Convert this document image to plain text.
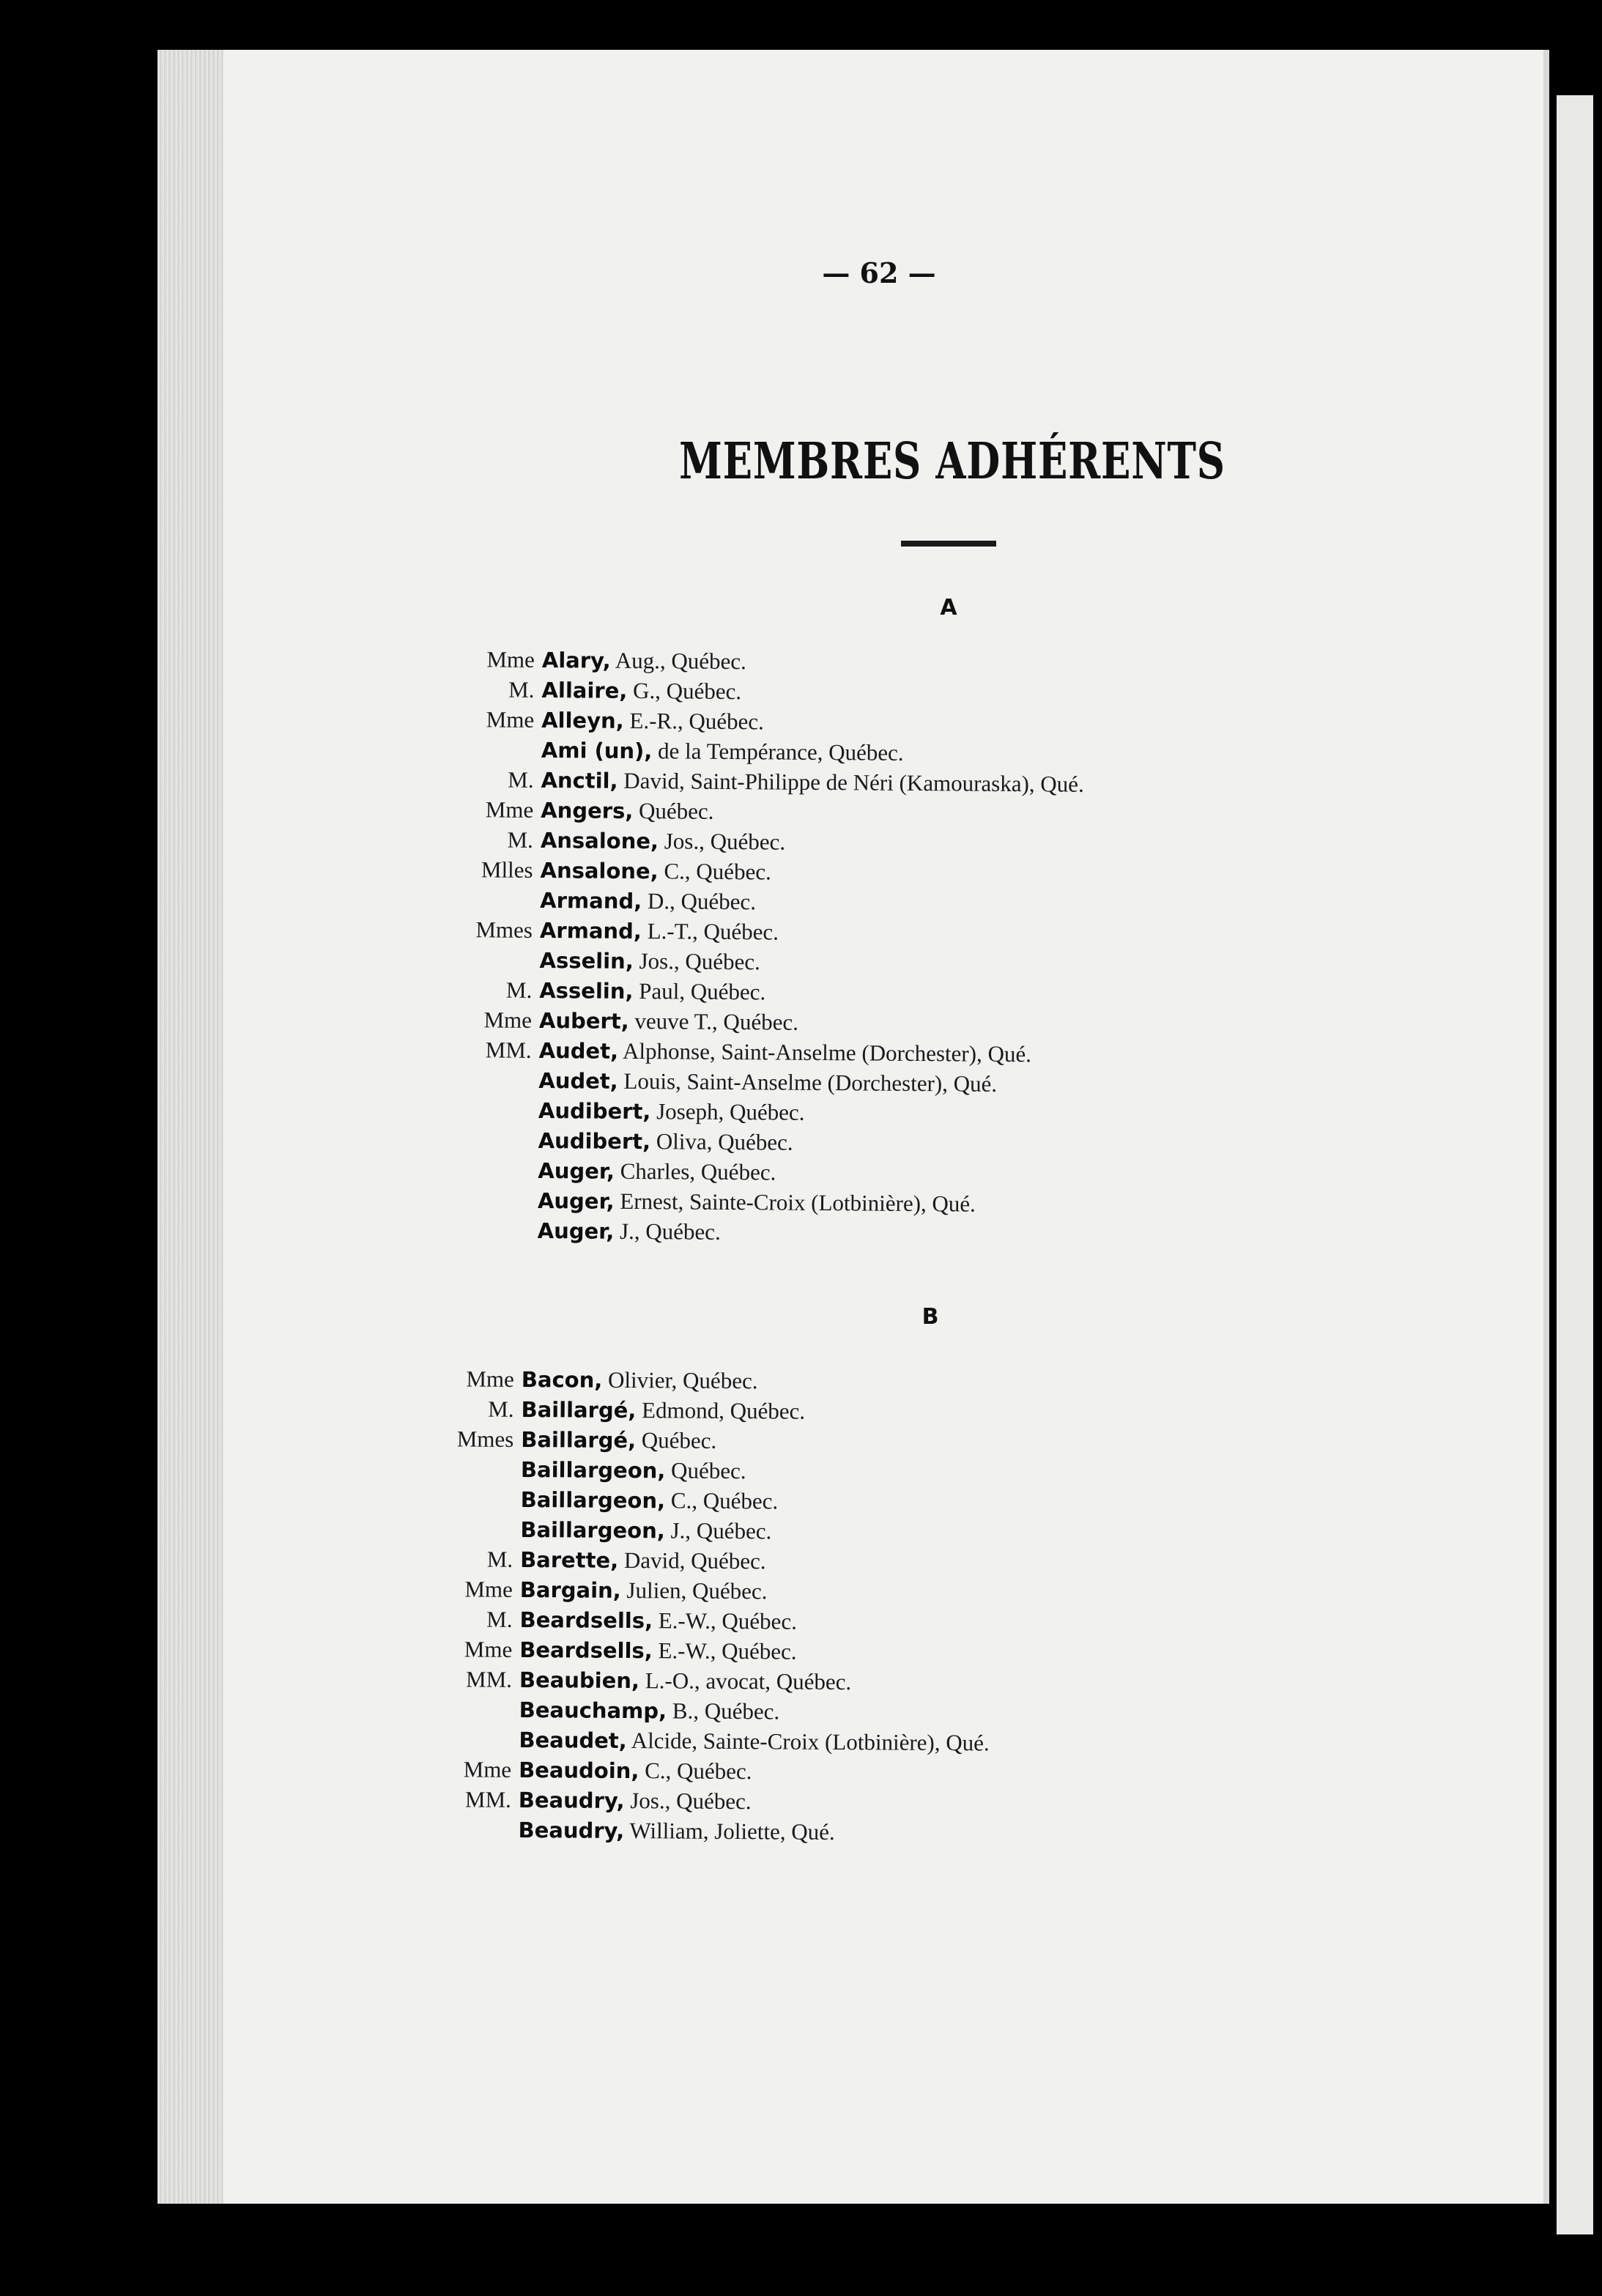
— 62 —
MEMBRES ADHÉRENTS
A
Mme Alary, Aug., Québec.
M. Allaire, G., Québec.
Mme Alleyn, E.-R., Québec.
Ami (un), de la Tempérance, Québec.
M. Anctil, David, Saint-Philippe de Néri (Kamouraska), Qué.
Mme Angers, Québec.
M. Ansalone, Jos., Québec.
Mlles Ansalone, C., Québec.
Armand, D., Québec.
Mmes Armand, L.-T., Québec.
Asselin, Jos., Québec.
M. Asselin, Paul, Québec.
Mme Aubert, veuve T., Québec.
MM. Audet, Alphonse, Saint-Anselme (Dorchester), Qué.
Audet, Louis, Saint-Anselme (Dorchester), Qué.
Audibert, Joseph, Québec.
Audibert, Oliva, Québec.
Auger, Charles, Québec.
Auger, Ernest, Sainte-Croix (Lotbinière), Qué.
Auger, J., Québec.
B
Mme Bacon, Olivier, Québec.
M. Baillargé, Edmond, Québec.
Mmes Baillargé, Québec.
Baillargeon, Québec.
Baillargeon, C., Québec.
Baillargeon, J., Québec.
M. Barette, David, Québec.
Mme Bargain, Julien, Québec.
M. Beardsells, E.-W., Québec.
Mme Beardsells, E.-W., Québec.
MM. Beaubien, L.-O., avocat, Québec.
Beauchamp, B., Québec.
Beaudet, Alcide, Sainte-Croix (Lotbinière), Qué.
Mme Beaudoin, C., Québec.
MM. Beaudry, Jos., Québec.
Beaudry, William, Joliette, Qué.
